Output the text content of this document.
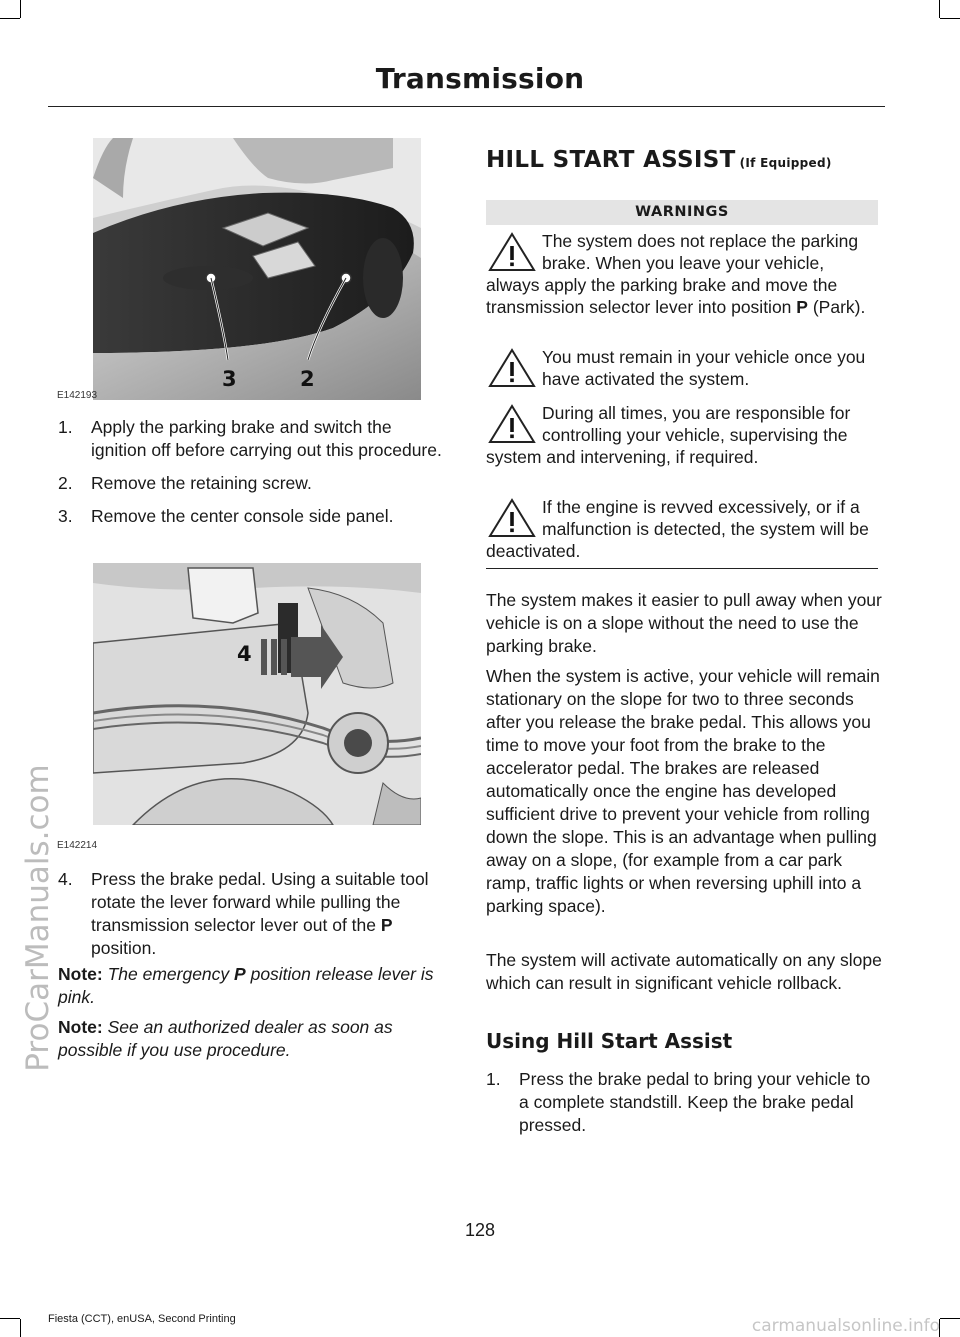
Transmission
3	2
E142193
1. Apply the parking brake and switch the ignition off before carrying out this procedure.
2. Remove the retaining screw.
3. Remove the center console side panel.
4
E142214
4. Press the brake pedal. Using a suitable tool rotate the lever forward while pulling the transmission selector lever out of the P position.
Note: The emergency P position release lever is pink.
Note: See an authorized dealer as soon as possible if you use procedure.
HILL START ASSIST (If Equipped)
WARNINGS
The system does not replace the parking brake. When you leave your vehicle, always apply the parking brake and move the transmission selector lever into position P (Park).
You must remain in your vehicle once you have activated the system.
During all times, you are responsible for controlling your vehicle, supervising the system and intervening, if required.
If the engine is revved excessively, or if a malfunction is detected, the system will be deactivated.

The system makes it easier to pull away when your vehicle is on a slope without the need to use the parking brake.

When the system is active, your vehicle will remain stationary on the slope for two to three seconds after you release the brake pedal. This allows you time to move your foot from the brake to the accelerator pedal. The brakes are released automatically once the engine has developed sufficient drive to prevent your vehicle from rolling down the slope. This is an advantage when pulling away on a slope, (for example from a car park ramp, traffic lights or when reversing uphill into a parking space).

The system will activate automatically on any slope which can result in significant vehicle rollback.

Using Hill Start Assist
1. Press the brake pedal to bring your vehicle to a complete standstill. Keep the brake pedal pressed.
128
Fiesta (CCT), enUSA, Second Printing
ProCarManuals.com
carmanualsonline.info
